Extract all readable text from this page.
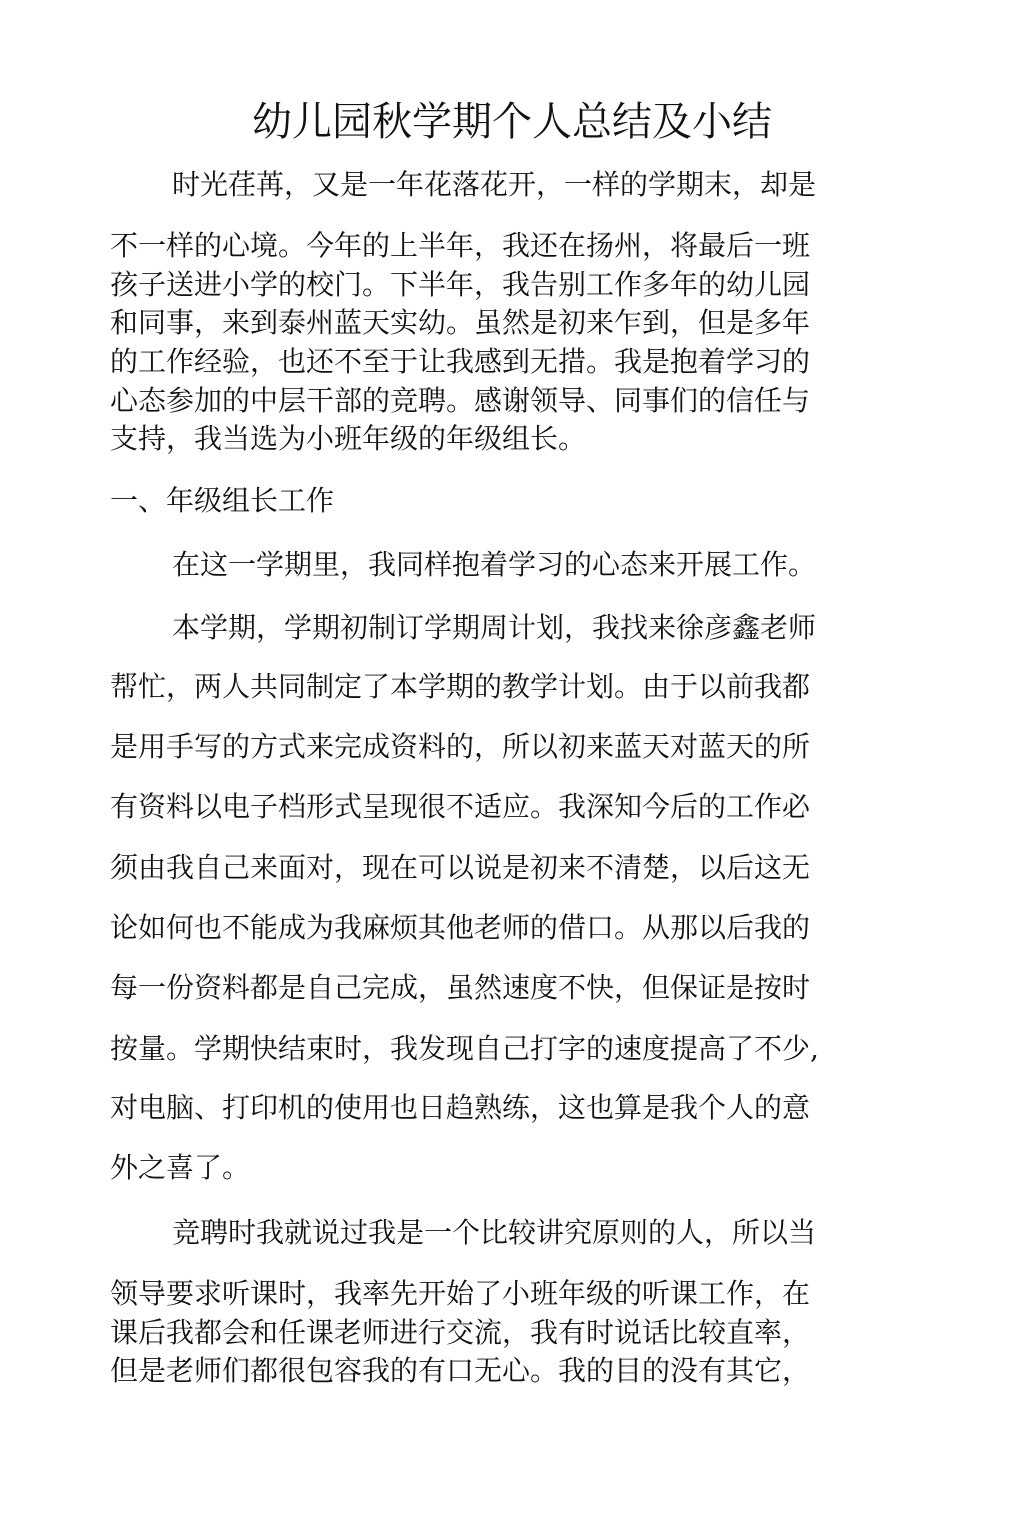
幼儿园秋学期个人总结及小结
时光荏苒，又是一年花落花开，一样的学期末，却是
不一样的心境。今年的上半年，我还在扬州，将最后一班
孩子送进小学的校门。下半年，我告别工作多年的幼儿园
和同事，来到泰州蓝天实幼。虽然是初来乍到，但是多年
的工作经验，也还不至于让我感到无措。我是抱着学习的
心态参加的中层干部的竞聘。感谢领导、同事们的信任与
支持，我当选为小班年级的年级组长。
一、年级组长工作
在这一学期里，我同样抱着学习的心态来开展工作。
本学期，学期初制订学期周计划，我找来徐彦鑫老师
帮忙，两人共同制定了本学期的教学计划。由于以前我都
是用手写的方式来完成资料的，所以初来蓝天对蓝天的所
有资料以电子档形式呈现很不适应。我深知今后的工作必
须由我自己来面对，现在可以说是初来不清楚，以后这无
论如何也不能成为我麻烦其他老师的借口。从那以后我的
每一份资料都是自己完成，虽然速度不快，但保证是按时
按量。学期快结束时，我发现自己打字的速度提高了不少,
对电脑、打印机的使用也日趋熟练，这也算是我个人的意
外之喜了。
竞聘时我就说过我是一个比较讲究原则的人，所以当
领导要求听课时，我率先开始了小班年级的听课工作，在
课后我都会和任课老师进行交流，我有时说话比较直率，
但是老师们都很包容我的有口无心。我的目的没有其它，
